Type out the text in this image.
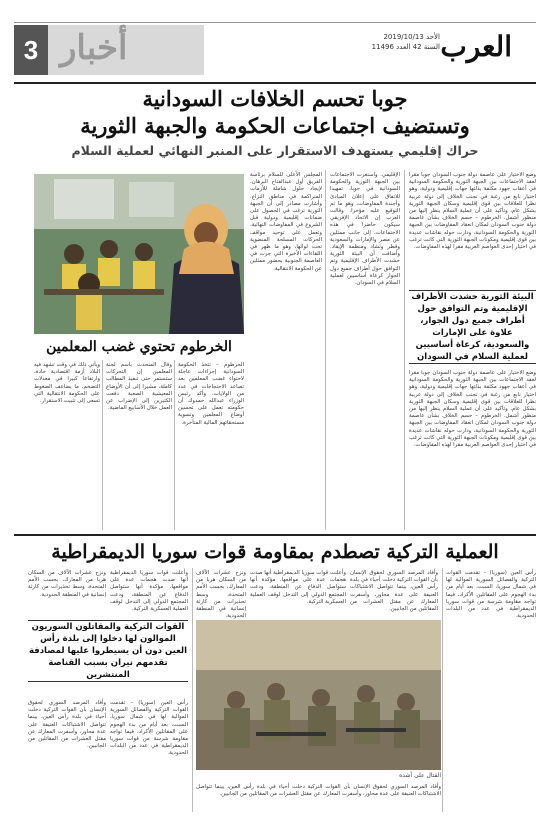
العرب
الأحد 2019/10/13
السنة 42 العدد 11496
3 أخبار
جوبا تحسم الخلافات السودانية
وتستضيف اجتماعات الحكومة والجبهة الثورية
حراك إقليمي يستهدف الاستقرار على المنبر النهائي لعملية السلام
وضع الاختيار على عاصمة دولة جنوب السودان جوبا مقرا لعقد الاجتماعات بين الجبهة الثورية والحكومة السودانية في أعقاب جهود مكثفة بذلتها جهات إقليمية ودولية، وهو اختيار نابع من رغبة في تجنب الخلاف إلى دولة عربية نظرا للعلاقات بين قوى إقليمية وسكان الجبهة الثورية بشكل عام، وتأكيد على أن عملية السلام ينظر إليها من منظور أشمل. الخرطوم – حسم الخلاف بشأن عاصمة دولة جنوب السودان لمكان انعقاد المفاوضات بين الجبهة الثورية والحكومة السودانية، ودارت حوله نقاشات عديدة بين قوى إقليمية ومكونات الجبهة الثورية التي كانت ترغب في اختيار إحدى العواصم العربية مقرا لهذه المفاوضات.
البيئة الثورية حشدت الأطراف الإقليمية وتم التوافق حول أطراف جميع دول الجوار، علاوة على الإمارات والسعودية، كرعاة أساسيين لعملية السلام في السودان
وضع الاختيار على عاصمة دولة جنوب السودان جوبا مقرا لعقد الاجتماعات بين الجبهة الثورية والحكومة السودانية في أعقاب جهود مكثفة بذلتها جهات إقليمية ودولية، وهو اختيار نابع من رغبة في تجنب الخلاف إلى دولة عربية نظرا للعلاقات بين قوى إقليمية وسكان الجبهة الثورية بشكل عام، وتأكيد على أن عملية السلام ينظر إليها من منظور أشمل. الخرطوم – حسم الخلاف بشأن عاصمة دولة جنوب السودان لمكان انعقاد المفاوضات بين الجبهة الثورية والحكومة السودانية، ودارت حوله نقاشات عديدة بين قوى إقليمية ومكونات الجبهة الثورية التي كانت ترغب في اختيار إحدى العواصم العربية مقرا لهذه المفاوضات.
الإقليمي. واستعرت الاجتماعات بين الجبهة الثورية والحكومة السودانية في جوبا، تمهيدا للاتفاق على إعلان المبادئ وأجندة المفاوضات، وهو ما تم التوقيع عليه مؤخرا. وقالت العرب إن الاتحاد الإفريقي سيكون حاضرا في هذه الاجتماعات، إلى جانب ممثلين عن مصر والإمارات والسعودية وقطر وتشاد ومنظمة الإيقاد. وأضافت أن البيئة الثورية حشدت الأطراف الإقليمية وتم التوافق حول أطراف جميع دول الجوار كرعاة أساسيين لعملية السلام في السودان.
المجلس الأعلى للسلام برئاسة الفريق أول عبدالفتاح البرهان، لإيجاد حلول شاملة للأزمات المتراكمة في مناطق النزاع. وأشارت مصادر إلى أن الجبهة الثورية ترغب في الحصول على ضمانات إقليمية ودولية قبل الشروع في المفاوضات النهائية، وتعمل على توحيد مواقف الحركات المسلحة المنضوية تحت لوائها، وهو ما ظهر في اللقاءات الأخيرة التي جرت في العاصمة الجنوبية بحضور ممثلين عن الحكومة الانتقالية.
الخرطوم تحتوي غضب المعلمين
الخرطوم – تتخذ الحكومة السودانية إجراءات عاجلة لاحتواء غضب المعلمين بعد تصاعد الاحتجاجات في عدد من الولايات، وأكد رئيس الوزراء عبدالله حمدوك أن حكومته تعمل على تحسين أوضاع المعلمين وتسوية مستحقاتهم المالية المتأخرة.
وقال المتحدث باسم لجنة المعلمين إن التحركات ستستمر حتى تنفيذ المطالب كاملة، مشيرا إلى أن الأوضاع المعيشية الصعبة دفعت الكثيرين إلى الإضراب عن العمل خلال الأسابيع الماضية.
ويأتي ذلك في وقت تشهد فيه البلاد أزمة اقتصادية حادة، وارتفاعا كبيرا في معدلات التضخم، ما يضاعف الضغوط على الحكومة الانتقالية التي تسعى إلى تثبيت الاستقرار.
العملية التركية تصطدم بمقاومة قوات سوريا الديمقراطية
رأس العين (سوريا) – تقدمت القوات التركية والفصائل السورية الموالية لها في شمال سوريا، السبت، بعد أيام من بدء الهجوم على المقاتلين الأكراد، فيما تواجه مقاومة شرسة من قوات سوريا الديمقراطية في عدد من البلدات الحدودية.
وأفاد المرصد السوري لحقوق الإنسان بأن القوات التركية دخلت أحياء في بلدة رأس العين، بينما تتواصل الاشتباكات العنيفة على عدة محاور، وأسفرت المعارك عن مقتل العشرات من المقاتلين من الجانبين.
وأعلنت قوات سوريا الديمقراطية أنها صدت هجمات عدة على مواقعها، مؤكدة أنها ستواصل الدفاع عن المنطقة، ودعت المجتمع الدولي إلى التدخل لوقف العملية العسكرية التركية.
ونزح عشرات الآلاف من السكان هربا من المعارك، بحسب الأمم المتحدة، وسط تحذيرات من كارثة إنسانية في المنطقة الحدودية.
القتال على أشده
وأفاد المرصد السوري لحقوق الإنسان بأن القوات التركية دخلت أحياء في بلدة رأس العين، بينما تتواصل الاشتباكات العنيفة على عدة محاور، وأسفرت المعارك عن مقتل العشرات من المقاتلين من الجانبين.
وأعلنت قوات سوريا الديمقراطية أنها صدت هجمات عدة على مواقعها، مؤكدة أنها ستواصل الدفاع عن المنطقة، ودعت المجتمع الدولي إلى التدخل لوقف العملية العسكرية التركية.
ونزح عشرات الآلاف من السكان هربا من المعارك، بحسب الأمم المتحدة، وسط تحذيرات من كارثة إنسانية في المنطقة الحدودية.
القوات التركية والمقاتلون السوريون الموالون لها دخلوا إلى بلدة رأس العين دون أن يسيطروا عليها لمصادفة تقدمهم نيران بسبب القناصة المنتشرين
رأس العين (سوريا) – تقدمت القوات التركية والفصائل السورية الموالية لها في شمال سوريا، السبت، بعد أيام من بدء الهجوم على المقاتلين الأكراد، فيما تواجه مقاومة شرسة من قوات سوريا الديمقراطية في عدد من البلدات الحدودية.
وأفاد المرصد السوري لحقوق الإنسان بأن القوات التركية دخلت أحياء في بلدة رأس العين، بينما تتواصل الاشتباكات العنيفة على عدة محاور، وأسفرت المعارك عن مقتل العشرات من المقاتلين من الجانبين.
